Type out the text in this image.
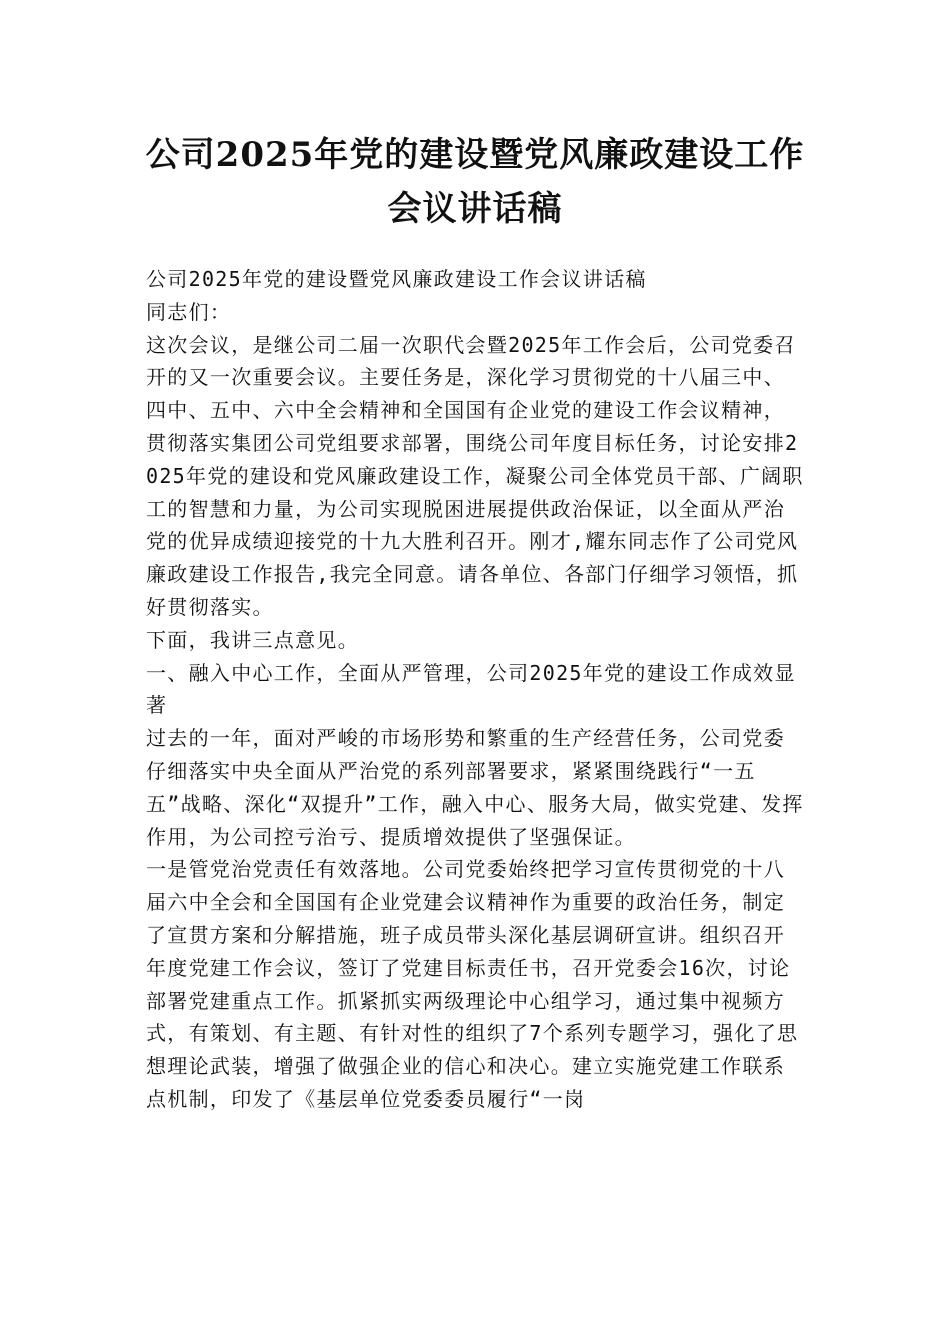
公司2025年党的建设暨党风廉政建设工作
会议讲话稿

公司2025年党的建设暨党风廉政建设工作会议讲话稿

同志们：

这次会议，是继公司二届一次职代会暨2025年工作会后，公司党委召开的又一次重要会议。主要任务是，深化学习贯彻党的十八届三中、四中、五中、六中全会精神和全国国有企业党的建设工作会议精神，贯彻落实集团公司党组要求部署，围绕公司年度目标任务，讨论安排2025年党的建设和党风廉政建设工作，凝聚公司全体党员干部、广阔职工的智慧和力量，为公司实现脱困进展提供政治保证，以全面从严治党的优异成绩迎接党的十九大胜利召开。刚才,耀东同志作了公司党风廉政建设工作报告,我完全同意。请各单位、各部门仔细学习领悟，抓好贯彻落实。

下面，我讲三点意见。

一、融入中心工作，全面从严管理，公司2025年党的建设工作成效显著

过去的一年，面对严峻的市场形势和繁重的生产经营任务，公司党委仔细落实中央全面从严治党的系列部署要求，紧紧围绕践行“一五五”战略、深化“双提升”工作，融入中心、服务大局，做实党建、发挥作用，为公司控亏治亏、提质增效提供了坚强保证。

一是管党治党责任有效落地。公司党委始终把学习宣传贯彻党的十八届六中全会和全国国有企业党建会议精神作为重要的政治任务，制定了宣贯方案和分解措施，班子成员带头深化基层调研宣讲。组织召开年度党建工作会议，签订了党建目标责任书，召开党委会16次，讨论部署党建重点工作。抓紧抓实两级理论中心组学习，通过集中视频方式，有策划、有主题、有针对性的组织了7个系列专题学习，强化了思想理论武装，增强了做强企业的信心和决心。建立实施党建工作联系点机制，印发了《基层单位党委委员履行“一岗
